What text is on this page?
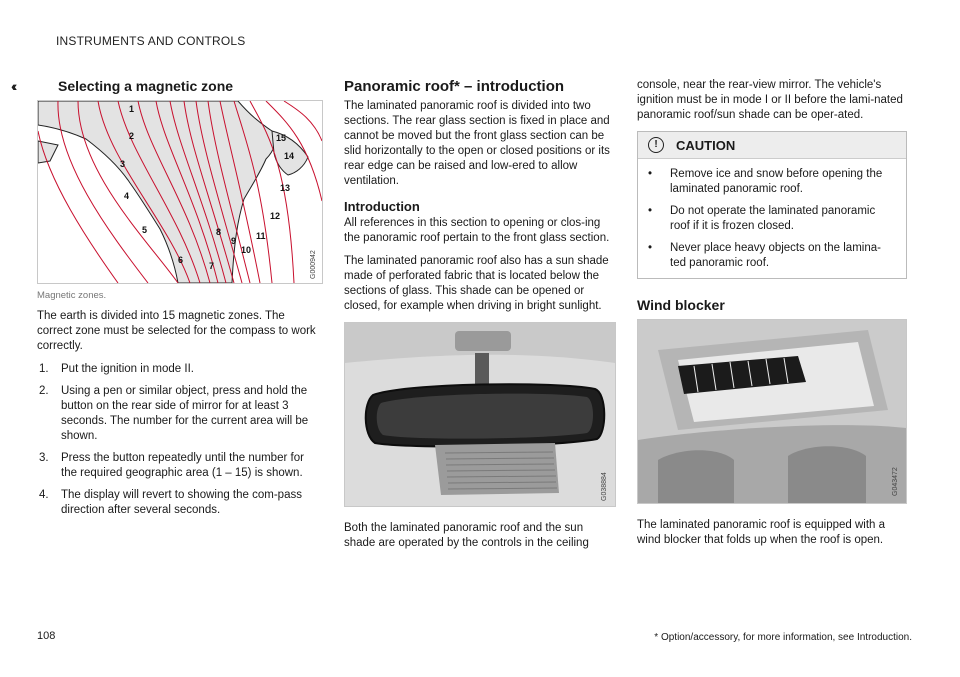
INSTRUMENTS AND CONTROLS
‹‹	Selecting a magnetic zone
1
2
3
4
5
6
7
8
9
10
11
12
13
14
15
G000942
Magnetic zones.

The earth is divided into 15 magnetic zones. The correct zone must be selected for the compass to work correctly.

1.	Put the ignition in mode II.
2.	Using a pen or similar object, press and hold the button on the rear side of mirror for at least 3 seconds. The number for the current area will be shown.
3.	Press the button repeatedly until the number for the required geographic area (1 – 15) is shown.
4.	The display will revert to showing the com-pass direction after several seconds.
Panoramic roof* – introduction

The laminated panoramic roof is divided into two sections. The rear glass section is fixed in place and cannot be moved but the front glass section can be slid horizontally to the open or closed positions or its rear edge can be raised and low-ered to allow ventilation.

Introduction

All references in this section to opening or clos-ing the panoramic roof pertain to the front glass section.

The laminated panoramic roof also has a sun shade made of perforated fabric that is located below the sections of glass. This shade can be opened or closed, for example when driving in bright sunlight.

G038884

Both the laminated panoramic roof and the sun shade are operated by the controls in the ceiling

console, near the rear-view mirror. The vehicle's ignition must be in mode I or II before the lami-nated panoramic roof/sun shade can be oper-ated.

!	CAUTION
•	Remove ice and snow before opening the laminated panoramic roof.
•	Do not operate the laminated panoramic roof if it is frozen closed.
•	Never place heavy objects on the lamina-ted panoramic roof.
Wind blocker
G043472

The laminated panoramic roof is equipped with a wind blocker that folds up when the roof is open.

108	* Option/accessory, for more information, see Introduction.
